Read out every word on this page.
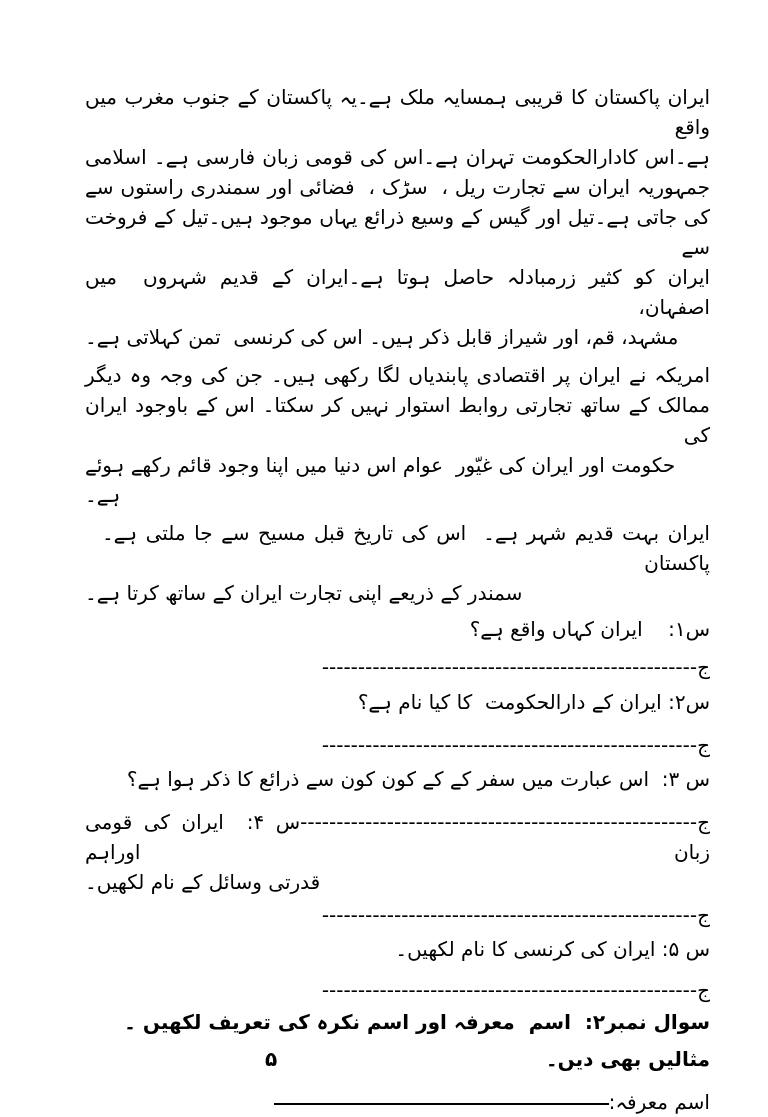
ایران پاکستان کا قریبی ہمسایہ ملک ہے۔یہ پاکستان کے جنوب مغرب میں واقع
ہے۔اس کادارالحکومت تہران ہے۔اس کی قومی زبان فارسی ہے۔ اسلامی
جمہوریہ ایران سے تجارت ریل ،  سڑک ،  فضائی اور سمندری راستوں سے
کی جاتی ہے۔تیل اور گیس کے وسیع ذرائع یہاں موجود ہیں۔تیل کے فروخت سے
ایران کو کثیر زرمبادلہ حاصل ہوتا ہے۔ایران کے قدیم شہروں  میں اصفہان،
مشہد، قم، اور شیراز قابل ذکر ہیں۔ اس کی کرنسی  تمن کہلاتی ہے۔
امریکہ نے ایران پر اقتصادی پابندیاں لگا رکھی ہیں۔ جن کی وجہ وہ دیگر
ممالک کے ساتھ تجارتی روابط استوار نہیں کر سکتا۔ اس کے باوجود ایران کی
حکومت اور ایران کی غیّور  عوام اس دنیا میں اپنا وجود قائم رکھے ہوئے ہے۔
ایران بہت قدیم شہر ہے۔  اس کی تاریخ قبل مسیح سے جا ملتی ہے۔   پاکستان
سمندر کے ذریعے اپنی تجارت ایران کے ساتھ کرتا ہے۔
س۱:    ایران کہاں واقع ہے؟
ج----------------------------------------------------
س۲: ایران کے دارالحکومت  کا کیا نام ہے؟
ج----------------------------------------------------
س ۳:  اس عبارت میں سفر کے کے کون کون سے ذرائع کا ذکر ہوا ہے؟
ج-------------------------------------------------------س ۴:  ایران کی قومی زبان اوراہم
قدرتی وسائل کے نام لکھیں۔
ج----------------------------------------------------
س ۵: ایران کی کرنسی کا نام لکھیں۔
ج----------------------------------------------------
سوال نمبر۲:  اسم  معرفہ اور اسم نکرہ کی تعریف لکھیں ۔
مثالیں بھی دیں۔
۵
اسم معرفہ:
